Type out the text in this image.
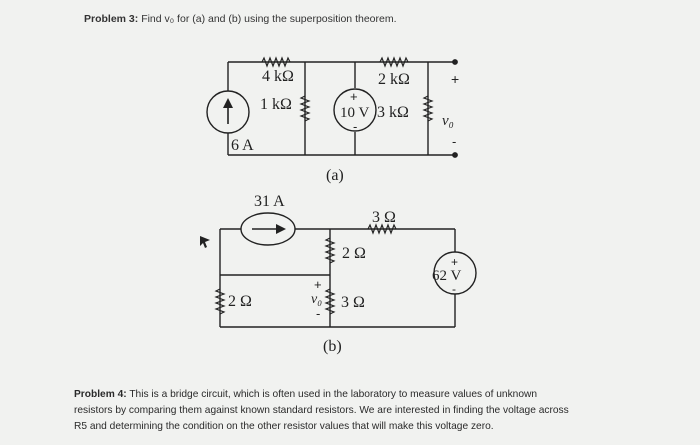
Problem 3: Find v₀ for (a) and (b) using the superposition theorem.
4 kΩ	2 kΩ	+
1 kΩ
6 A
+
10 V
-
3 kΩ v₀
-
(a)
31 A
3 Ω
2 Ω	+
62 V
-
2 Ω
+
v₀
-
3 Ω
(b)
Problem 4: This is a bridge circuit, which is often used in the laboratory to measure values of unknown resistors by comparing them against known standard resistors. We are interested in finding the voltage across R5 and determining the condition on the other resistor values that will make this voltage zero.
